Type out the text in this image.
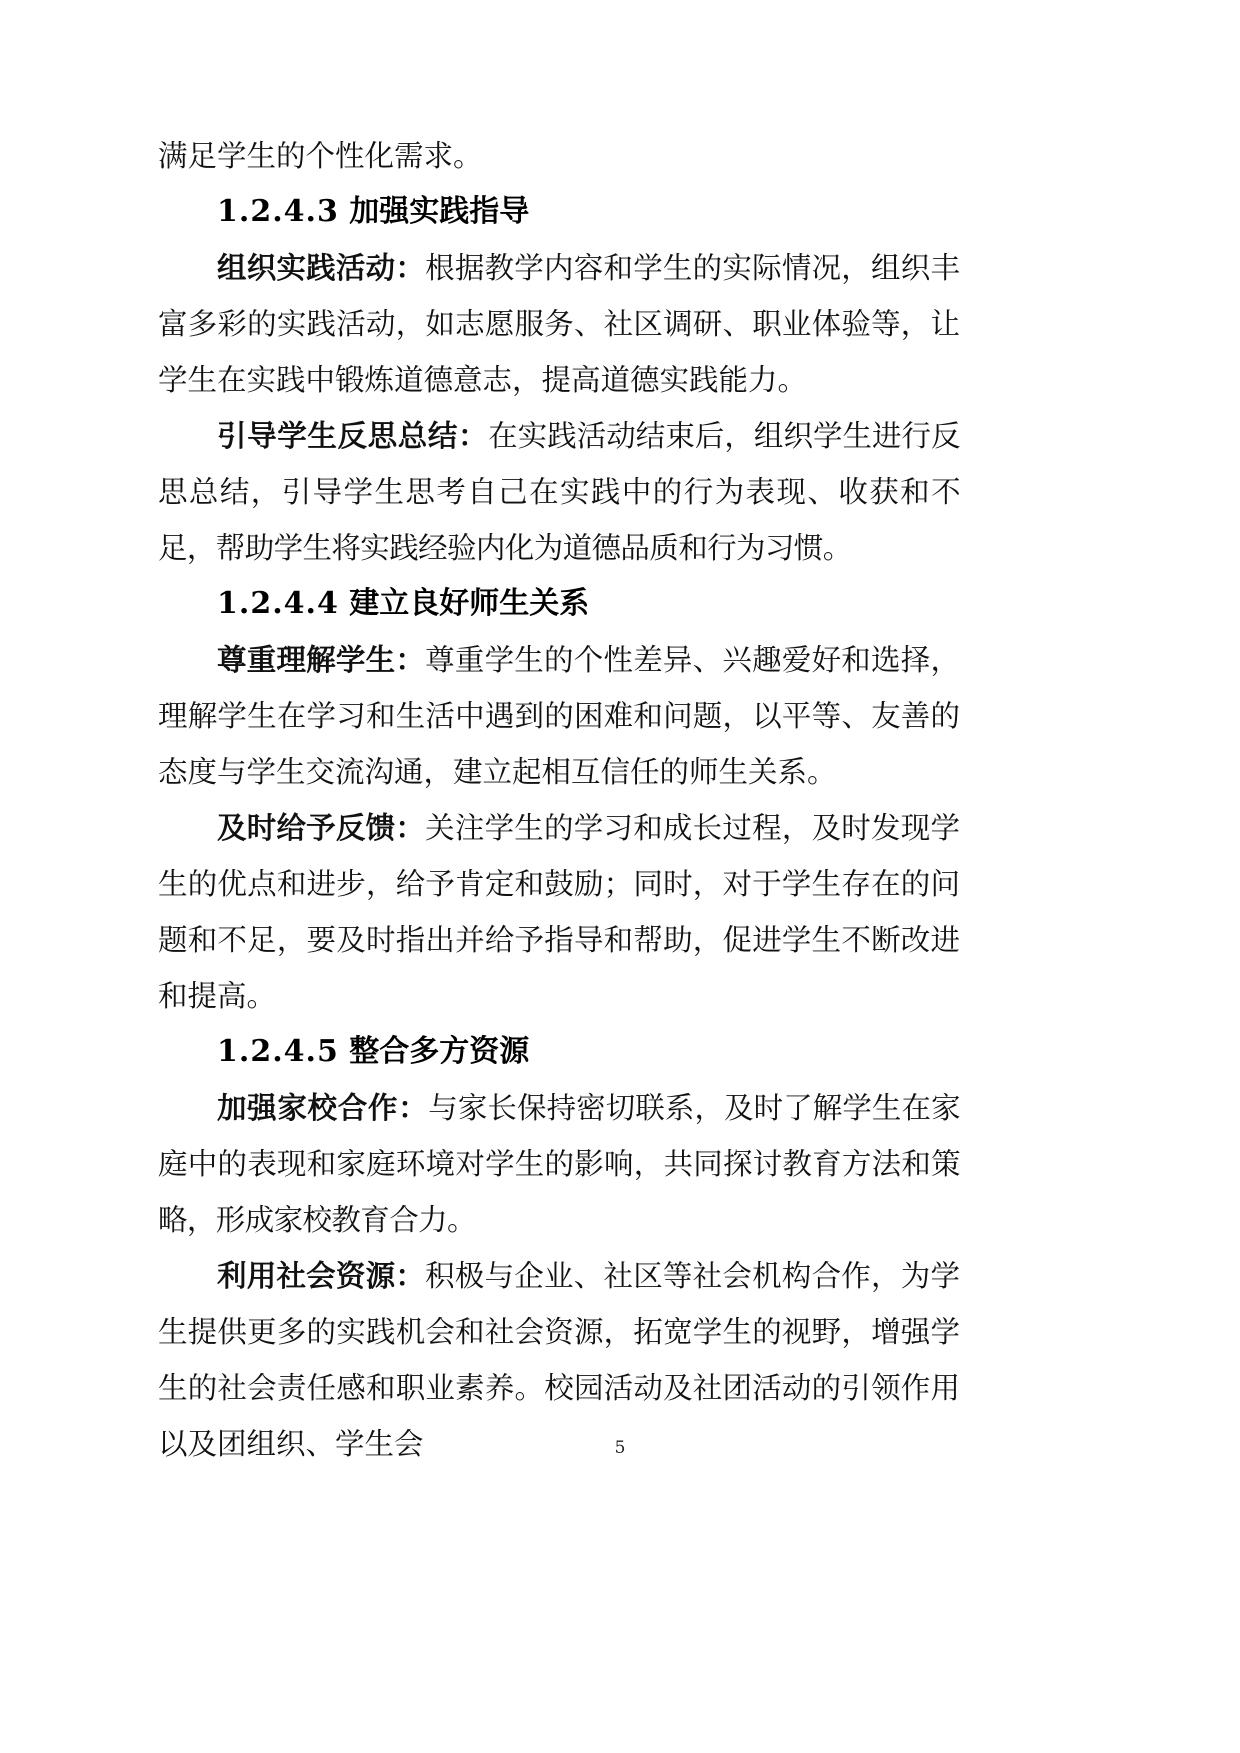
满足学生的个性化需求。

1.2.4.3 加强实践指导

组织实践活动：根据教学内容和学生的实际情况，组织丰富多彩的实践活动，如志愿服务、社区调研、职业体验等，让学生在实践中锻炼道德意志，提高道德实践能力。

引导学生反思总结：在实践活动结束后，组织学生进行反思总结，引导学生思考自己在实践中的行为表现、收获和不足，帮助学生将实践经验内化为道德品质和行为习惯。

1.2.4.4 建立良好师生关系

尊重理解学生：尊重学生的个性差异、兴趣爱好和选择，理解学生在学习和生活中遇到的困难和问题，以平等、友善的态度与学生交流沟通，建立起相互信任的师生关系。

及时给予反馈：关注学生的学习和成长过程，及时发现学生的优点和进步，给予肯定和鼓励；同时，对于学生存在的问题和不足，要及时指出并给予指导和帮助，促进学生不断改进和提高。

1.2.4.5 整合多方资源

加强家校合作：与家长保持密切联系，及时了解学生在家庭中的表现和家庭环境对学生的影响，共同探讨教育方法和策略，形成家校教育合力。

利用社会资源：积极与企业、社区等社会机构合作，为学生提供更多的实践机会和社会资源，拓宽学生的视野，增强学生的社会责任感和职业素养。校园活动及社团活动的引领作用以及团组织、学生会	5
